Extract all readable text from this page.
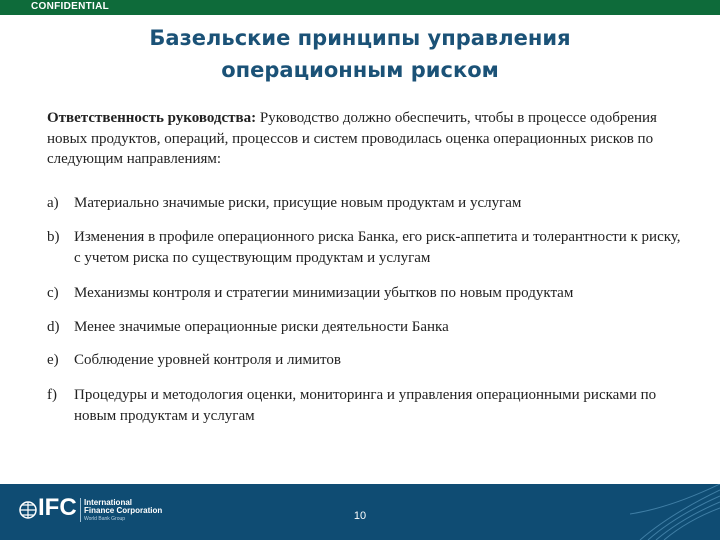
CONFIDENTIAL
Базельские принципы управления
операционным риском
Ответственность руководства: Руководство должно обеспечить, чтобы в процессе одобрения новых продуктов, операций, процессов и систем проводилась оценка операционных рисков по следующим направлениям:
a)	Материально значимые риски, присущие новым продуктам и услугам
b) Изменения в профиле операционного риска Банка, его риск-аппетита и толерантности к риску, с учетом риска по существующим продуктам и услугам
c)	Механизмы контроля и стратегии минимизации убытков по новым продуктам
d) Менее значимые операционные риски деятельности Банка
e)	Соблюдение уровней контроля и лимитов
f)	Процедуры и методология оценки, мониторинга и управления операционными рисками по новым продуктам и услугам
IFC International
Finance Corporation
World Bank Group	10
